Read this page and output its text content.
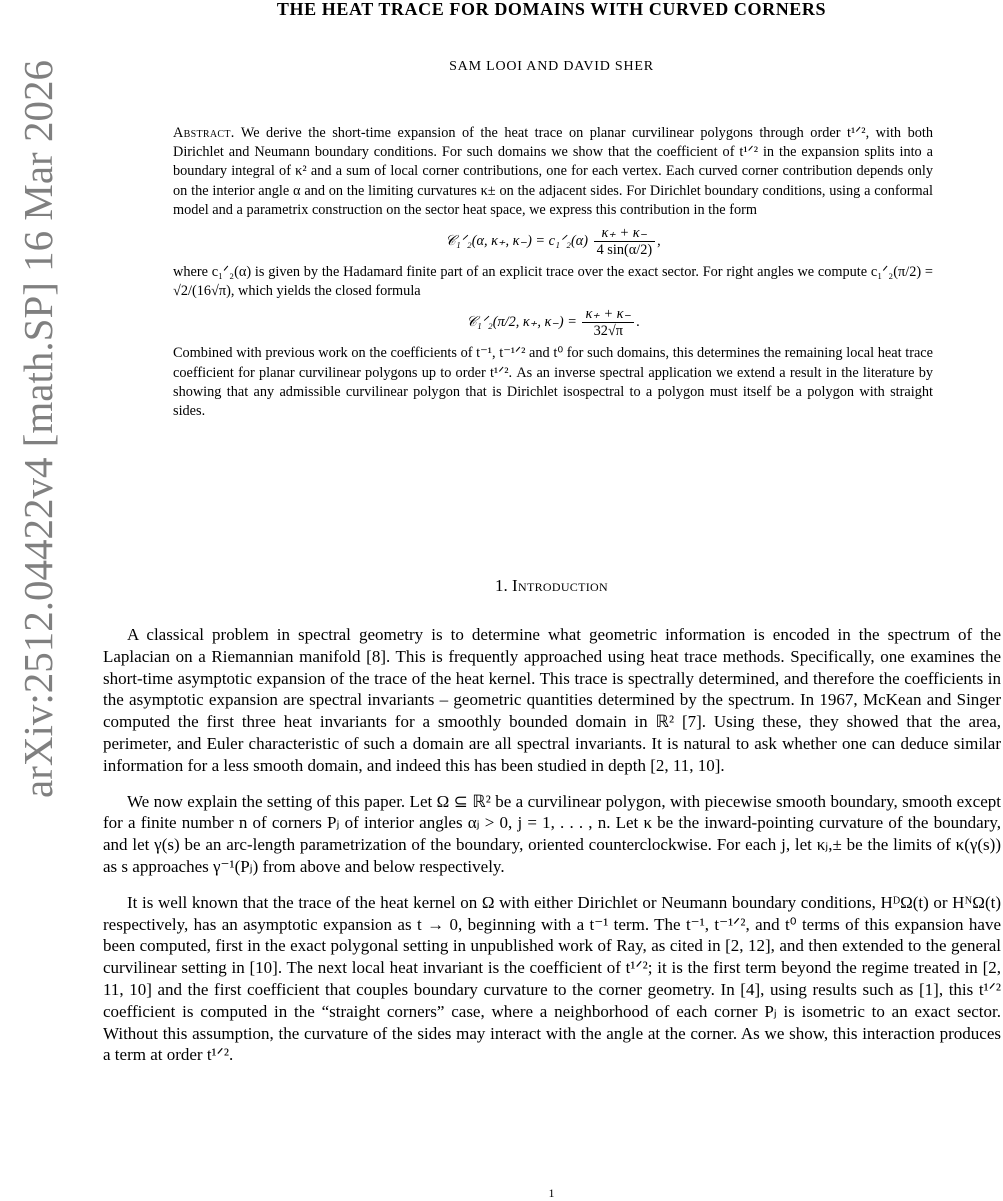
arXiv:2512.04422v4 [math.SP] 16 Mar 2026
THE HEAT TRACE FOR DOMAINS WITH CURVED CORNERS
SAM LOOI AND DAVID SHER

Abstract. We derive the short-time expansion of the heat trace on planar curvilinear polygons through order t¹ᐟ², with both Dirichlet and Neumann boundary conditions. For such domains we show that the coefficient of t¹ᐟ² in the expansion splits into a boundary integral of κ² and a sum of local corner contributions, one for each vertex. Each curved corner contribution depends only on the interior angle α and on the limiting curvatures κ± on the adjacent sides. For Dirichlet boundary conditions, using a conformal model and a parametrix construction on the sector heat space, we express this contribution in the form

𝒞₁ᐟ₂(α, κ₊, κ₋) = c₁ᐟ₂(α) $\frac{\kappa_+ + \kappa_-}{4 \sin(\alpha/2)}$ ,

where c₁ᐟ₂(α) is given by the Hadamard finite part of an explicit trace over the exact sector. For right angles we compute c₁ᐟ₂(π/2) = √2/(16√π), which yields the closed formula

𝒞₁ᐟ₂(π/2, κ₊, $\kappa_-) = \frac{\kappa_+ + \kappa_-}{32√\pi}$ .

Combined with previous work on the coefficients of t⁻¹, t⁻¹ᐟ² and t⁰ for such domains, this determines the remaining local heat trace coefficient for planar curvilinear polygons up to order t¹ᐟ². As an inverse spectral application we extend a result in the literature by showing that any admissible curvilinear polygon that is Dirichlet isospectral to a polygon must itself be a polygon with straight sides.

1. Introduction

A classical problem in spectral geometry is to determine what geometric information is encoded in the spectrum of the Laplacian on a Riemannian manifold [8]. This is frequently approached using heat trace methods. Specifically, one examines the short-time asymptotic expansion of the trace of the heat kernel. This trace is spectrally determined, and therefore the coefficients in the asymptotic expansion are spectral invariants – geometric quantities determined by the spectrum. In 1967, McKean and Singer computed the first three heat invariants for a smoothly bounded domain in ℝ² [7]. Using these, they showed that the area, perimeter, and Euler characteristic of such a domain are all spectral invariants. It is natural to ask whether one can deduce similar information for a less smooth domain, and indeed this has been studied in depth [2, 11, 10].

We now explain the setting of this paper. Let Ω ⊆ ℝ² be a curvilinear polygon, with piecewise smooth boundary, smooth except for a finite number n of corners Pⱼ of interior angles αⱼ > 0, j = 1, . . . , n. Let κ be the inward-pointing curvature of the boundary, and let γ(s) be an arc-length parametrization of the boundary, oriented counterclockwise. For each j, let κⱼ,± be the limits of κ(γ(s)) as s approaches γ⁻¹(Pⱼ) from above and below respectively.

It is well known that the trace of the heat kernel on Ω with either Dirichlet or Neumann boundary conditions, HᴰΩ(t) or HᴺΩ(t) respectively, has an asymptotic expansion as t → 0, beginning with a t⁻¹ term. The t⁻¹, t⁻¹ᐟ², and t⁰ terms of this expansion have been computed, first in the exact polygonal setting in unpublished work of Ray, as cited in [2, 12], and then extended to the general curvilinear setting in [10]. The next local heat invariant is the coefficient of t¹ᐟ²; it is the first term beyond the regime treated in [2, 11, 10] and the first coefficient that couples boundary curvature to the corner geometry. In [4], using results such as [1], this t¹ᐟ² coefficient is computed in the “straight corners” case, where a neighborhood of each corner Pⱼ is isometric to an exact sector. Without this assumption, the curvature of the sides may interact with the angle at the corner. As we show, this interaction produces a term at order t¹ᐟ².

1
